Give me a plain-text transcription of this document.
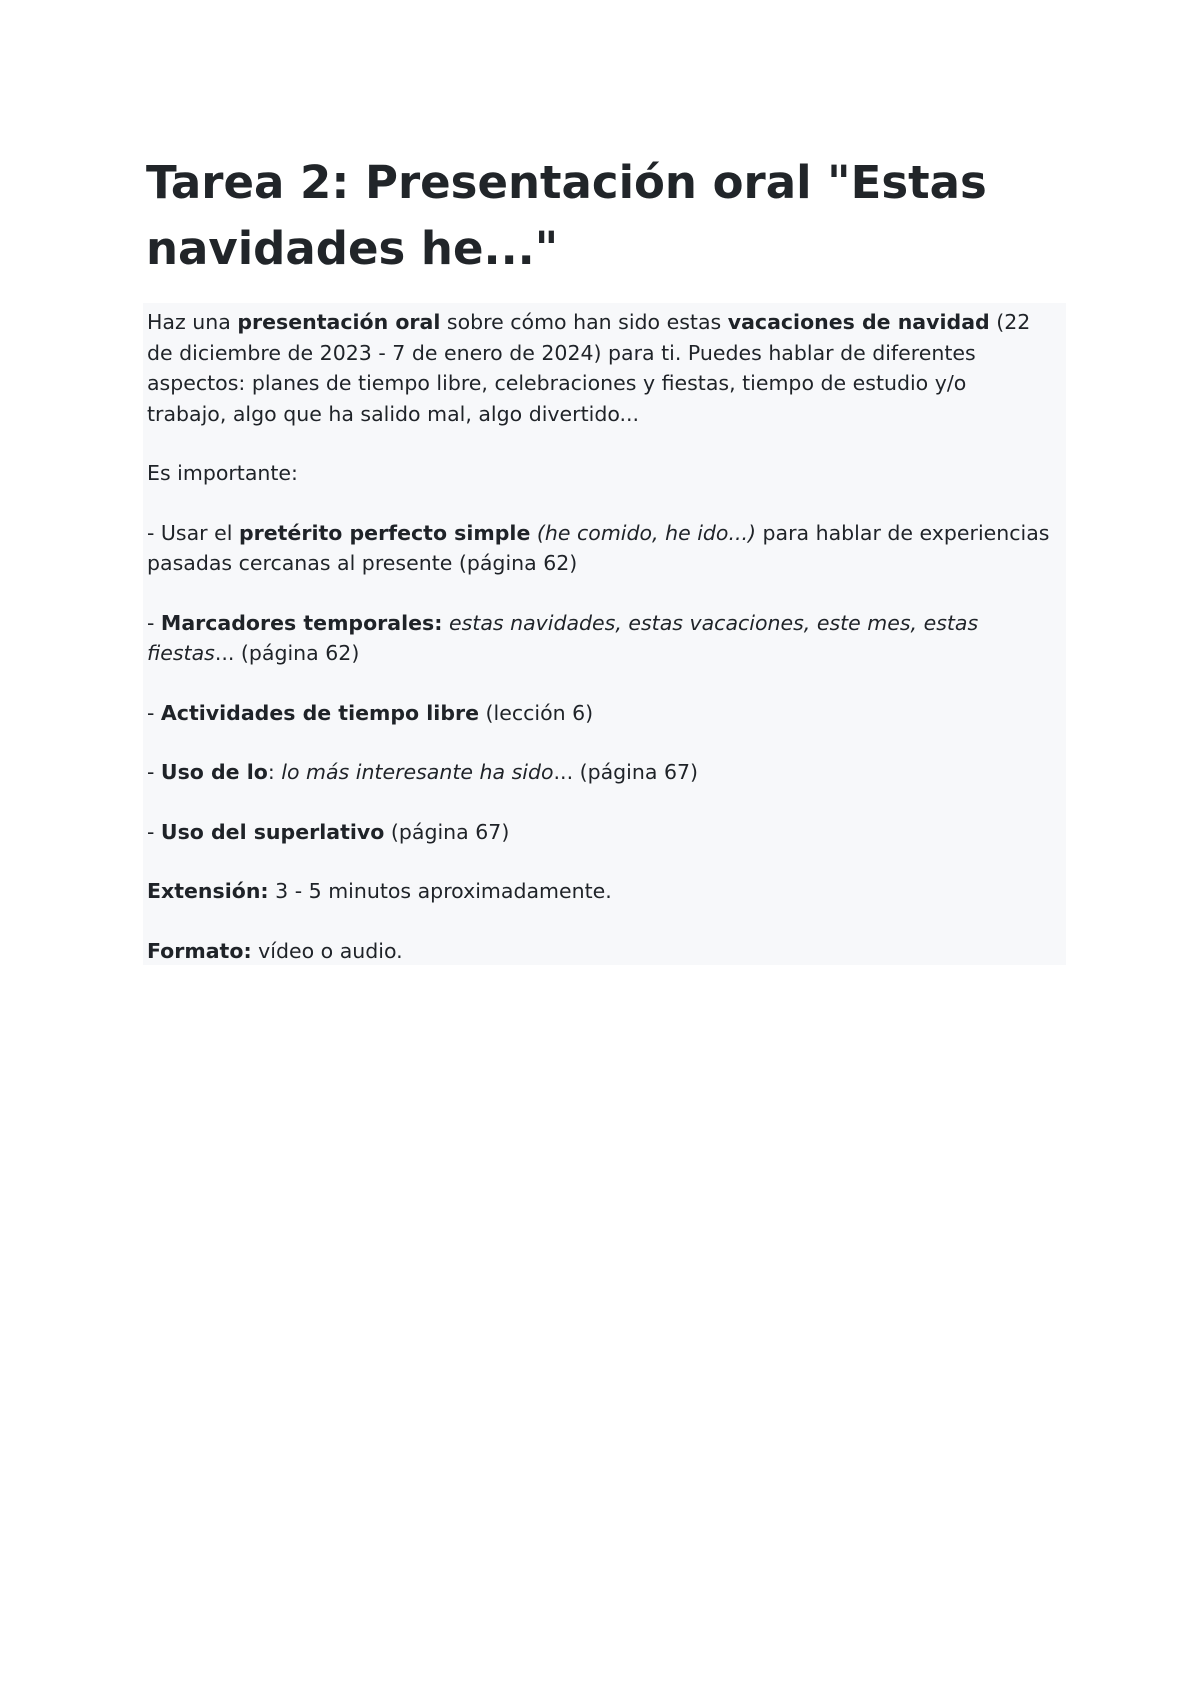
Tarea 2: Presentación oral "Estas navidades he..."

Haz una presentación oral sobre cómo han sido estas vacaciones de navidad (22 de diciembre de 2023 - 7 de enero de 2024) para ti. Puedes hablar de diferentes aspectos: planes de tiempo libre, celebraciones y fiestas, tiempo de estudio y/o trabajo, algo que ha salido mal, algo divertido...

Es importante:

- Usar el pretérito perfecto simple (he comido, he ido...) para hablar de experiencias pasadas cercanas al presente (página 62)

- Marcadores temporales: estas navidades, estas vacaciones, este mes, estas fiestas... (página 62)

- Actividades de tiempo libre (lección 6)

- Uso de lo: lo más interesante ha sido... (página 67)

- Uso del superlativo (página 67)

Extensión: 3 - 5 minutos aproximadamente.

Formato: vídeo o audio.
